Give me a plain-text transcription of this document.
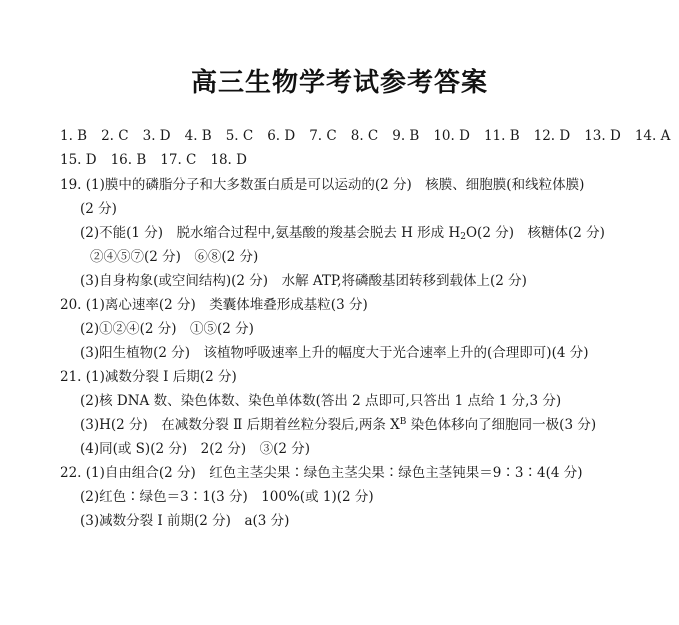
高三生物学考试参考答案
1. B 2. C 3. D 4. B 5. C 6. D 7. C 8. C 9. B 10. D 11. B 12. D 13. D 14. A
15. D 16. B 17. C 18. D
19. (1)膜中的磷脂分子和大多数蛋白质是可以运动的(2 分)　核膜、细胞膜(和线粒体膜)
(2 分)
(2)不能(1 分)　脱水缩合过程中,氨基酸的羧基会脱去 H 形成 $H_2O(2$ 分)　核糖体(2 分)
②④⑤⑦(2 分)　⑥⑧(2 分)
(3)自身构象(或空间结构)(2 分)　水解 ATP,将磷酸基团转移到载体上(2 分)
20. (1)离心速率(2 分)　类囊体堆叠形成基粒(3 分)
(2)①②④(2 分)　①⑤(2 分)
(3)阳生植物(2 分)　该植物呼吸速率上升的幅度大于光合速率上升的(合理即可)(4 分)
21. (1)减数分裂 Ⅰ 后期(2 分)
(2)核 DNA 数、染色体数、染色单体数(答出 2 点即可,只答出 1 点给 1 分,3 分)
(3)H(2 分)　在减数分裂 Ⅱ 后期着丝粒分裂后,两条 $X^B$ 染色体移向了细胞同一极(3 分)
(4)同(或 S)(2 分)　2(2 分)　③(2 分)
22. (1)自由组合(2 分)　红色主茎尖果∶绿色主茎尖果∶绿色主茎钝果＝9∶3∶4(4 分)
(2)红色∶绿色＝3∶1(3 分)　100%(或 1)(2 分)
(3)减数分裂 Ⅰ 前期(2 分)　a(3 分)
